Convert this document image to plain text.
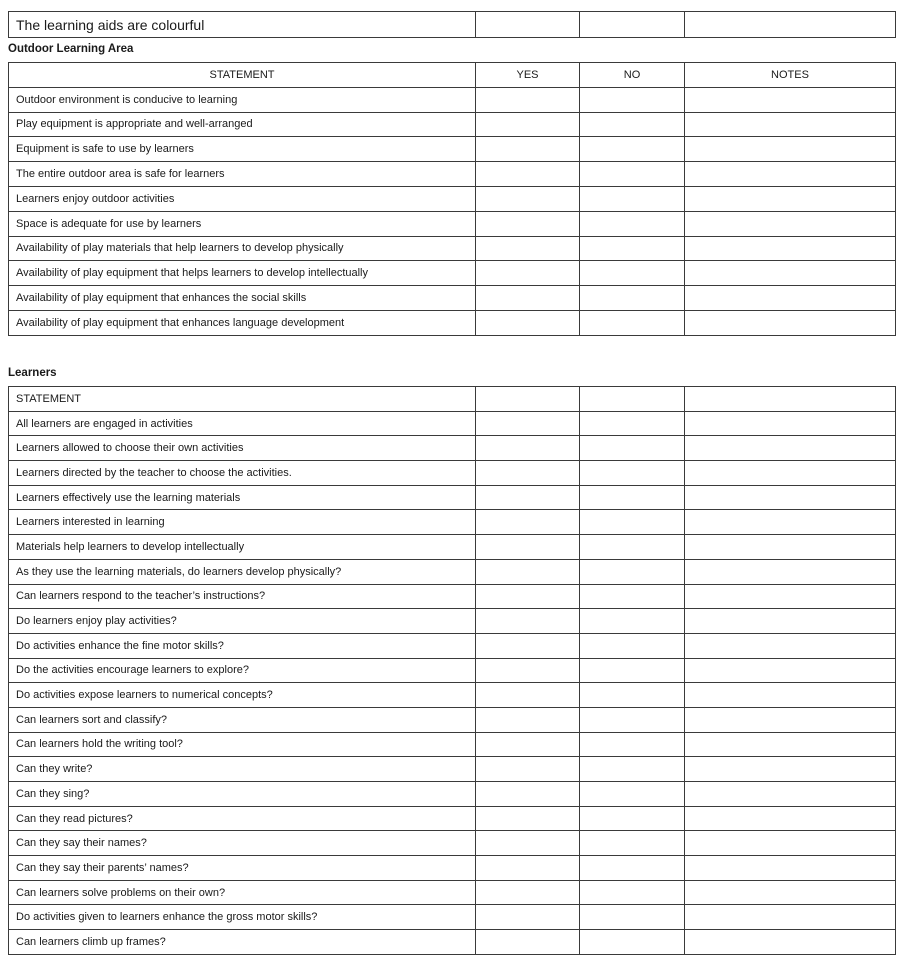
The learning aids are colourful			
Outdoor Learning Area
STATEMENT	YES	NO	NOTES
Outdoor environment is conducive to learning			
Play equipment is appropriate and well-arranged			
Equipment is safe to use by learners			
The entire outdoor area is safe for learners			
Learners enjoy outdoor activities			
Space is adequate for use by learners			
Availability of play materials that help learners to develop physically			
Availability of play equipment that helps learners to develop intellectually			
Availability of play equipment that enhances the social skills			
Availability of play equipment that enhances language development			
Learners
STATEMENT			
All learners are engaged in activities			
Learners allowed to choose their own activities			
Learners directed by the teacher to choose the activities.			
Learners effectively use the learning materials			
Learners interested in learning			
Materials help learners to develop intellectually			
As they use the learning materials, do learners develop physically?			
Can learners respond to the teacher’s instructions?			
Do learners enjoy play activities?			
Do activities enhance the fine motor skills?			
Do the activities encourage learners to explore?			
Do activities expose learners to numerical concepts?			
Can learners sort and classify?			
Can learners hold the writing tool?			
Can they write?			
Can they sing?			
Can they read pictures?			
Can they say their names?			
Can they say their parents’ names?			
Can learners solve problems on their own?			
Do activities given to learners enhance the gross motor skills?			
Can learners climb up frames?			
